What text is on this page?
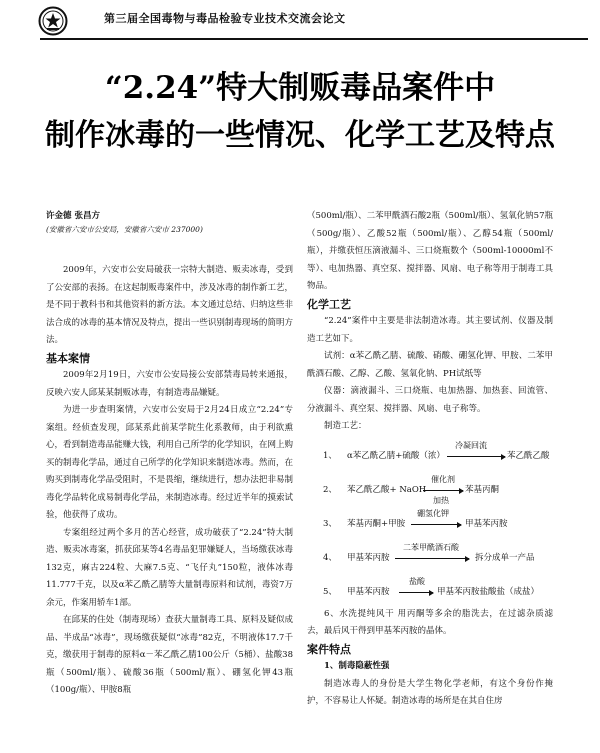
第三届全国毒物与毒品检验专业技术交流会论文
“2.24”特大制贩毒品案件中
制作冰毒的一些情况、化学工艺及特点
许金德 张昌方
(安徽省六安市公安局，安徽省六安市 237000)

2009年，六安市公安局破获一宗特大制造、贩卖冰毒，受到了公安部的表扬。在这起制贩毒案件中，涉及冰毒的制作新工艺，是不同于教科书和其他资料的新方法。本文通过总结、归纳这些非法合成的冰毒的基本情况及特点，提出一些识别制毒现场的简明方法。

基本案情

2009年2月19日，六安市公安局接公安部禁毒局转来通报，反映六安人邱某某制贩冰毒，有制造毒品嫌疑。

为进一步查明案情，六安市公安局于2月24日成立“2.24”专案组。经侦查发现，邱某系此前某学院生化系教师，由于利欲熏心，看到制造毒品能赚大钱，利用自己所学的化学知识，在网上购买的制毒化学品，通过自己所学的化学知识来制造冰毒。然而，在购买到制毒化学品受阻时，不是畏缩，继续进行，想办法把非易制毒化学品转化成易制毒化学品，来制造冰毒。经过近半年的摸索试验，他获得了成功。

专案组经过两个多月的苦心经营，成功破获了“2.24”特大制造、贩卖冰毒案，抓获邱某等4名毒品犯罪嫌疑人，当场缴获冰毒132克，麻古224粒、大麻7.5克、“飞仔丸”150粒，液体冰毒11.777千克，以及α苯乙酰乙腈等大量制毒原料和试剂，毒资7万余元，作案用轿车1部。

在邱某的住处（制毒现场）查获大量制毒工具、原料及疑似成品、半成品“冰毒”，现场缴获疑似“冰毒”82克，不明液体17.7千克，缴获用于制毒的原料α－苯乙酰乙腈100公斤（5桶）、盐酸38瓶（500ml/瓶）、硫酸36瓶（500ml/瓶）、硼氢化钾43瓶（100g/瓶）、甲胺8瓶

（500ml/瓶）、二苯甲酰酒石酸2瓶（500ml/瓶）、氢氧化钠57瓶（500g/瓶）、乙酸52瓶（500ml/瓶）、乙醇54瓶（500ml/瓶），并缴获恒压滴液漏斗、三口烧瓶数个（500ml-10000ml不等）、电加热器、真空泵、搅拌器、风扇、电子称等用于制毒工具物品。

化学工艺

“2.24”案件中主要是非法制造冰毒。其主要试剂、仪器及制造工艺如下。

试剂：α苯乙酰乙腈、硫酸、硝酸、硼氢化钾、甲胺、二苯甲酰酒石酸、乙醇、乙酸、氢氧化钠、PH试纸等

仪器：滴液漏斗、三口烧瓶、电加热器、加热套、回流管、分液漏斗、真空泵、搅拌器、风扇、电子称等。

制造工艺：

1、 α苯乙酰乙腈+硫酸（浓）
冷凝回流
苯乙酰乙酸
2、 苯乙酰乙酸+ NaOH
催化剂
加热
苯基丙酮
3、 苯基丙酮+甲胺
硼氢化钾
甲基苯丙胺
4、 甲基苯丙胺
二苯甲酰酒石酸
拆分成单一产品
5、 甲基苯丙胺
盐酸
→ 甲基苯丙胺盐酸盐（成盐）

6、水洗提纯风干 用丙酮等多余的脂洗去，在过滤杂质滤去，最后风干得到甲基苯丙胺的晶体。

案件特点

1、制毒隐蔽性强

制造冰毒人的身份是大学生物化学老师，有这个身份作掩护，不容易让人怀疑。制造冰毒的场所是在其自住房
